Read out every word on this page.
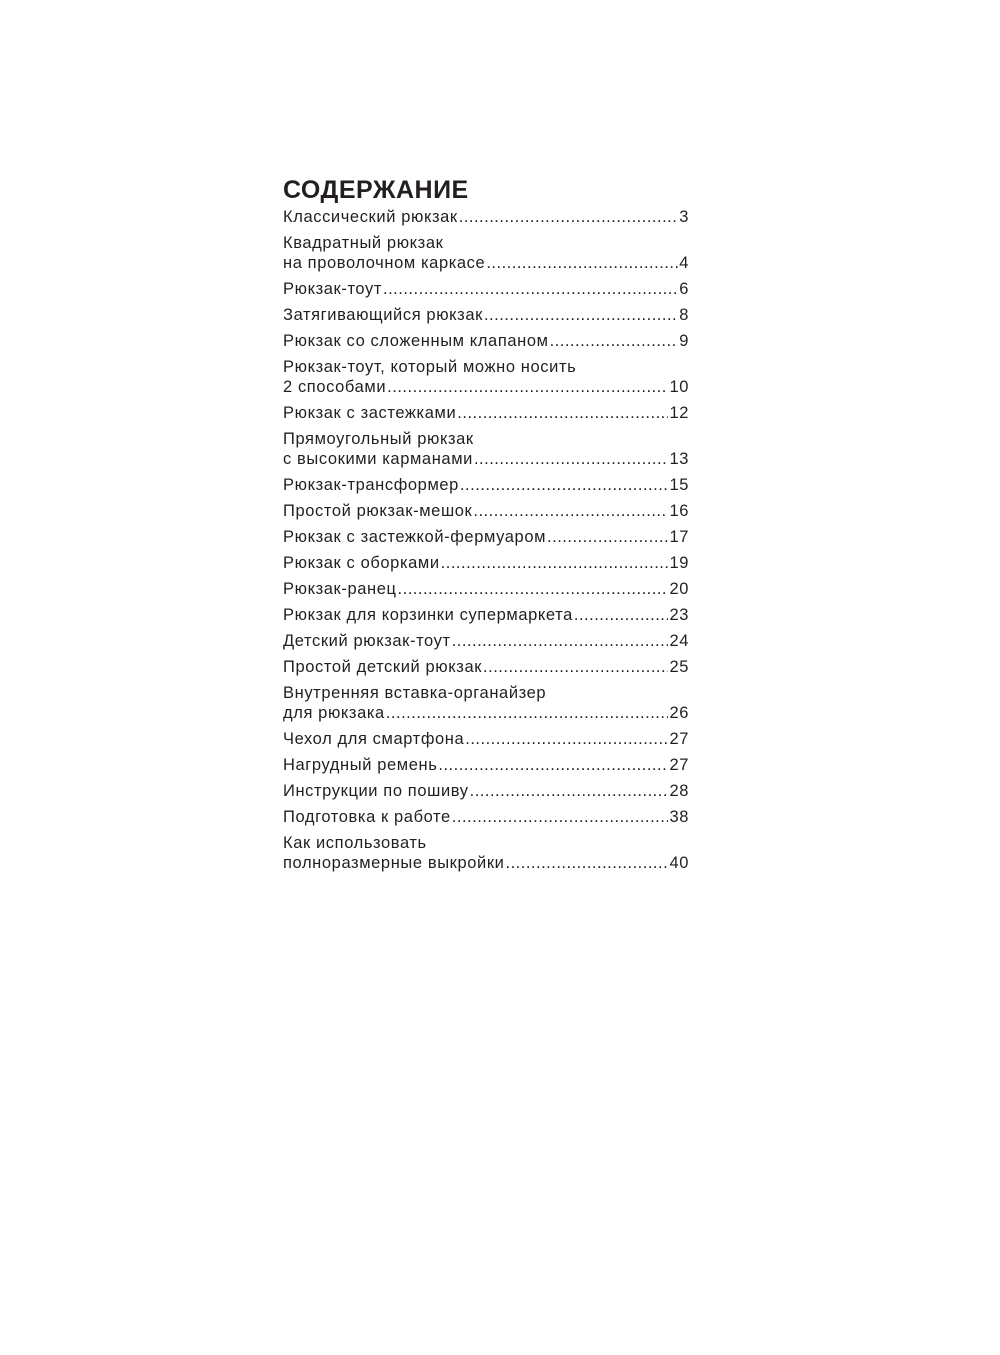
СОДЕРЖАНИЕ
Классический рюкзак .....	3
Квадратный рюкзак
на проволочном каркасе .....	4
Рюкзак-тоут .....	6
Затягивающийся рюкзак .....	8
Рюкзак со сложенным клапаном .....	9
Рюкзак-тоут, который можно носить
2 способами .....	10
Рюкзак с застежками .....	12
Прямоугольный рюкзак
с высокими карманами .....	13
Рюкзак-трансформер .....	15
Простой рюкзак-мешок .....	16
Рюкзак с застежкой-фермуаром .....	17
Рюкзак с оборками .....	19
Рюкзак-ранец .....	20
Рюкзак для корзинки супермаркета .....	23
Детский рюкзак-тоут .....	24
Простой детский рюкзак .....	25
Внутренняя вставка-органайзер
для рюкзака .....	26
Чехол для смартфона .....	27
Нагрудный ремень .....	27
Инструкции по пошиву .....	28
Подготовка к работе .....	38
Как использовать
полноразмерные выкройки .....	40
